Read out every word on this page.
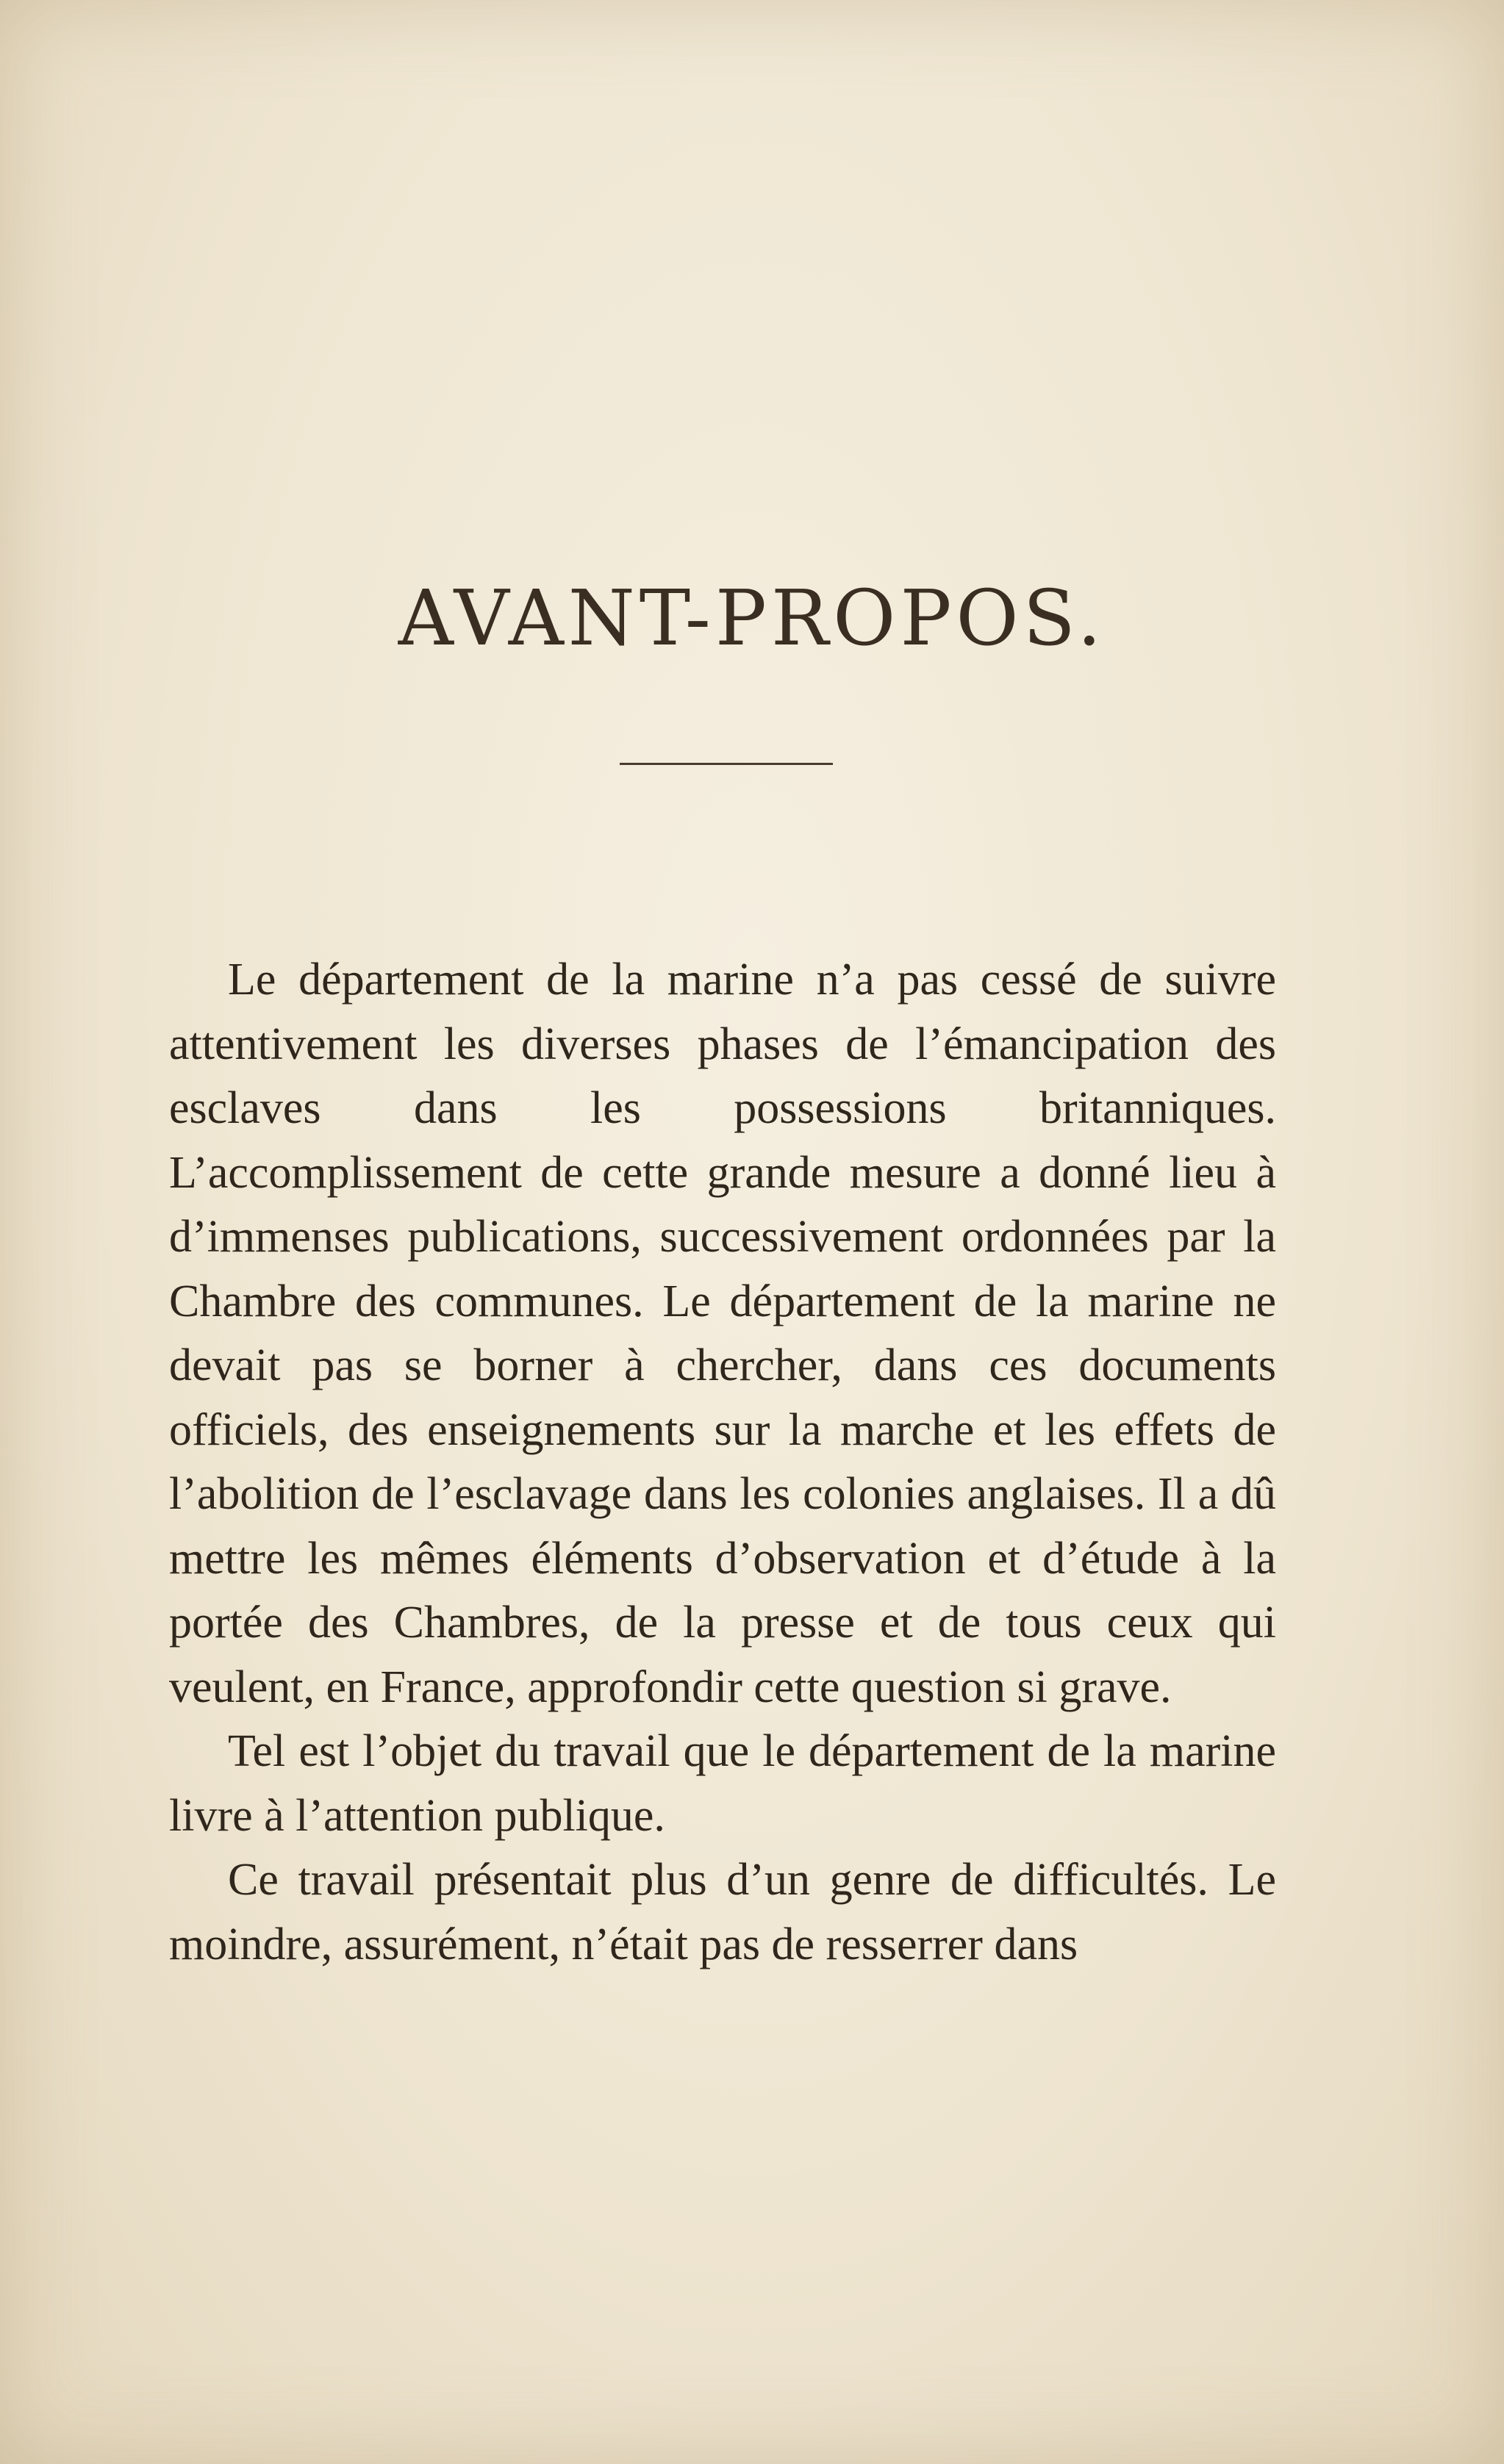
AVANT-PROPOS.

Le département de la marine n’a pas cessé de suivre attentivement les diverses phases de l’émancipation des esclaves dans les possessions britanniques. L’accomplissement de cette grande mesure a donné lieu à d’immenses publications, successivement ordonnées par la Chambre des communes. Le département de la marine ne devait pas se borner à chercher, dans ces documents officiels, des enseignements sur la marche et les effets de l’abolition de l’esclavage dans les colonies anglaises. Il a dû mettre les mêmes éléments d’observation et d’étude à la portée des Chambres, de la presse et de tous ceux qui veulent, en France, approfondir cette question si grave.

Tel est l’objet du travail que le département de la marine livre à l’attention publique.

Ce travail présentait plus d’un genre de difficultés. Le moindre, assurément, n’était pas de resserrer dans
